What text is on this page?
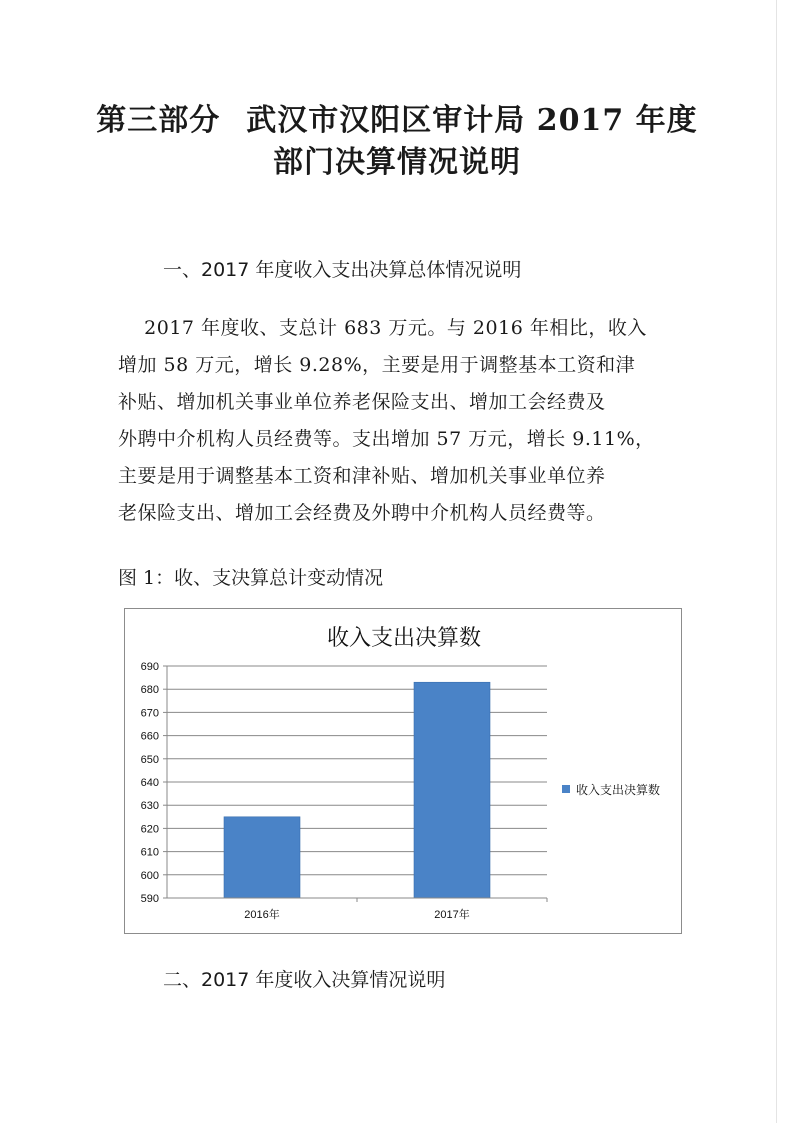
第三部分 武汉市汉阳区审计局 2017 年度
部门决算情况说明
一、2017 年度收入支出决算总体情况说明
2017 年度收、支总计 683 万元。与 2016 年相比，收入
增加 58 万元，增长 9.28%，主要是用于调整基本工资和津
补贴、增加机关事业单位养老保险支出、增加工会经费及
外聘中介机构人员经费等。支出增加 57 万元，增长 9.11%，
主要是用于调整基本工资和津补贴、增加机关事业单位养
老保险支出、增加工会经费及外聘中介机构人员经费等。
图 1：收、支决算总计变动情况
收入支出决算数
590
600
610
620
630
640
650
660
670
680
690
2016年	2017年
收入支出决算数
二、2017 年度收入决算情况说明
